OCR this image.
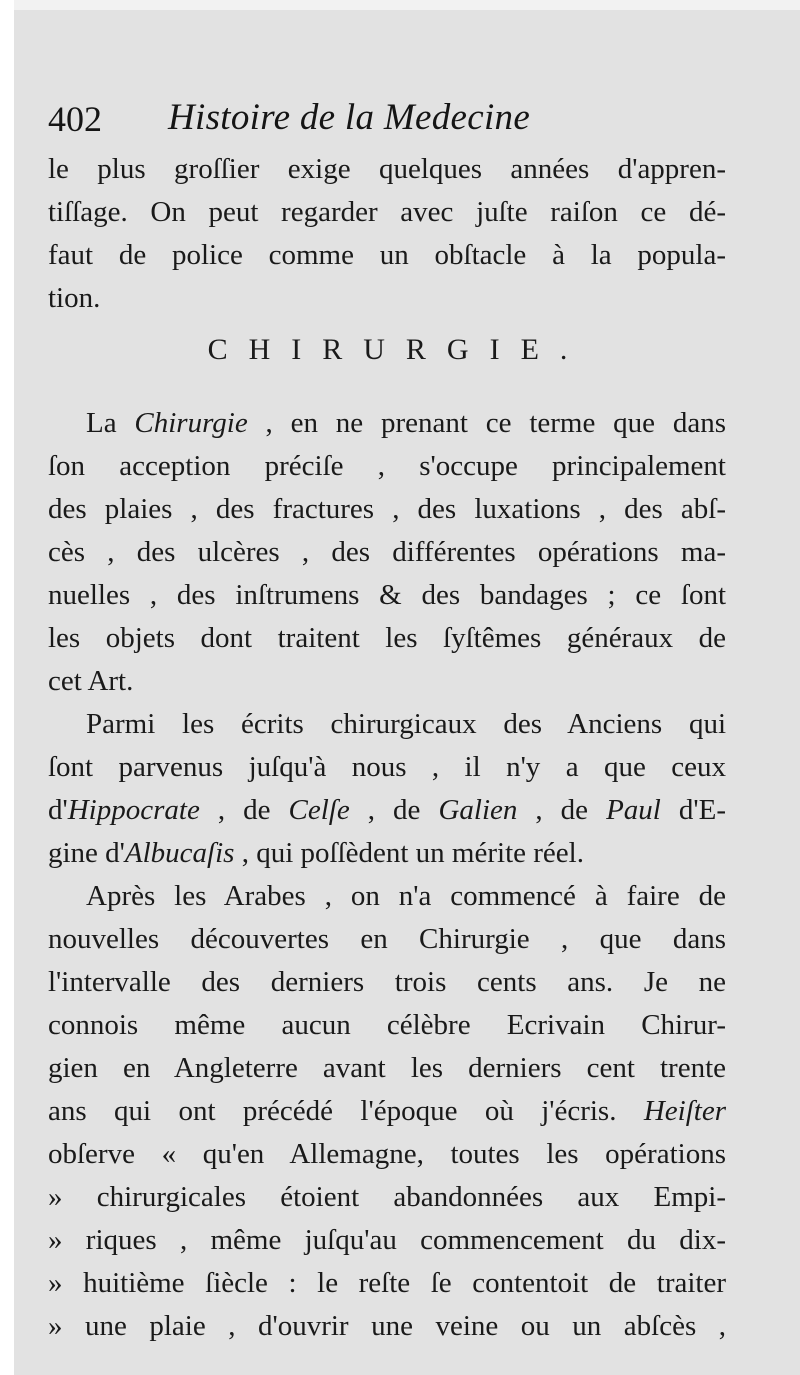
402 Histoire de la Medecine
le plus groſſier exige quelques années d'appren-
tiſſage. On peut regarder avec juſte raiſon ce dé-
faut de police comme un obſtacle à la popula-
tion.
CHIRURGIE.
La Chirurgie , en ne prenant ce terme que dans
ſon acception préciſe , s'occupe principalement
des plaies , des fractures , des luxations , des abſ-
cès , des ulcères , des différentes opérations ma-
nuelles , des inſtrumens & des bandages ; ce ſont
les objets dont traitent les ſyſtêmes généraux de
cet Art.
Parmi les écrits chirurgicaux des Anciens qui
ſont parvenus juſqu'à nous , il n'y a que ceux
d'Hippocrate , de Celſe , de Galien , de Paul d'E-
gine d'Albucaſis , qui poſſèdent un mérite réel.
Après les Arabes , on n'a commencé à faire de
nouvelles découvertes en Chirurgie , que dans
l'intervalle des derniers trois cents ans. Je ne
connois même aucun célèbre Ecrivain Chirur-
gien en Angleterre avant les derniers cent trente
ans qui ont précédé l'époque où j'écris. Heiſter
obſerve « qu'en Allemagne, toutes les opérations
» chirurgicales étoient abandonnées aux Empi-
» riques , même juſqu'au commencement du dix-
» huitième ſiècle : le reſte ſe contentoit de traiter
» une plaie , d'ouvrir une veine ou un abſcès ,
